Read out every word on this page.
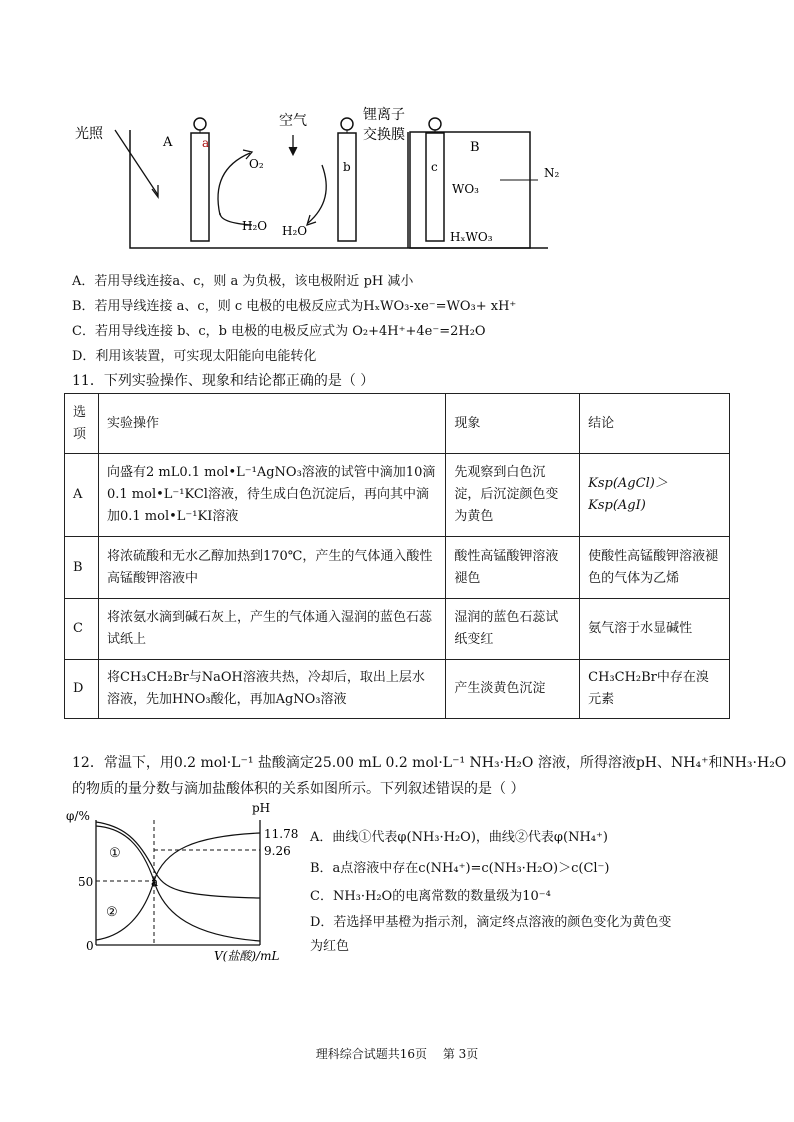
光照
A a
O₂
H₂O
空气
b
H₂O
锂离子
交换膜
c
B
WO₃
HₓWO₃
N₂
A．若用导线连接a、c，则 a 为负极，该电极附近 pH 减小
B．若用导线连接 a、c，则 c 电极的电极反应式为HₓWO₃-xe⁻=WO₃+ xH⁺
C．若用导线连接 b、c，b 电极的电极反应式为 O₂+4H⁺+4e⁻=2H₂O
D．利用该装置，可实现太阳能向电能转化
11．下列实验操作、现象和结论都正确的是（ ）
选项	实验操作	现象	结论
A	向盛有2 mL0.1 mol•L⁻¹AgNO₃溶液的试管中滴加10滴0.1 mol•L⁻¹KCl溶液，待生成白色沉淀后，再向其中滴加0.1 mol•L⁻¹KI溶液	先观察到白色沉淀，后沉淀颜色变为黄色	Ksp(AgCl)＞Ksp(AgI)
B	将浓硫酸和无水乙醇加热到170℃，产生的气体通入酸性高锰酸钾溶液中	酸性高锰酸钾溶液褪色	使酸性高锰酸钾溶液褪色的气体为乙烯
C	将浓氨水滴到碱石灰上，产生的气体通入湿润的蓝色石蕊试纸上	湿润的蓝色石蕊试纸变红	氨气溶于水显碱性
D	将CH₃CH₂Br与NaOH溶液共热，冷却后，取出上层水溶液，先加HNO₃酸化，再加AgNO₃溶液	产生淡黄色沉淀	CH₃CH₂Br中存在溴元素
12．常温下，用0.2 mol·L⁻¹ 盐酸滴定25.00 mL 0.2 mol·L⁻¹ NH₃·H₂O 溶液，所得溶液pH、NH₄⁺和NH₃·H₂O
的物质的量分数与滴加盐酸体积的关系如图所示。下列叙述错误的是（ ）
φ/%
pH
50
0
11.78
9.26
①
②
a
V(盐酸)/mL
A．曲线①代表φ(NH₃·H₂O)，曲线②代表φ(NH₄⁺)
B．a点溶液中存在c(NH₄⁺)=c(NH₃·H₂O)＞c(Cl⁻)
C．NH₃·H₂O的电离常数的数量级为10⁻⁴
D．若选择甲基橙为指示剂，滴定终点溶液的颜色变化为黄色变
为红色
理科综合试题共16页 第 3页
